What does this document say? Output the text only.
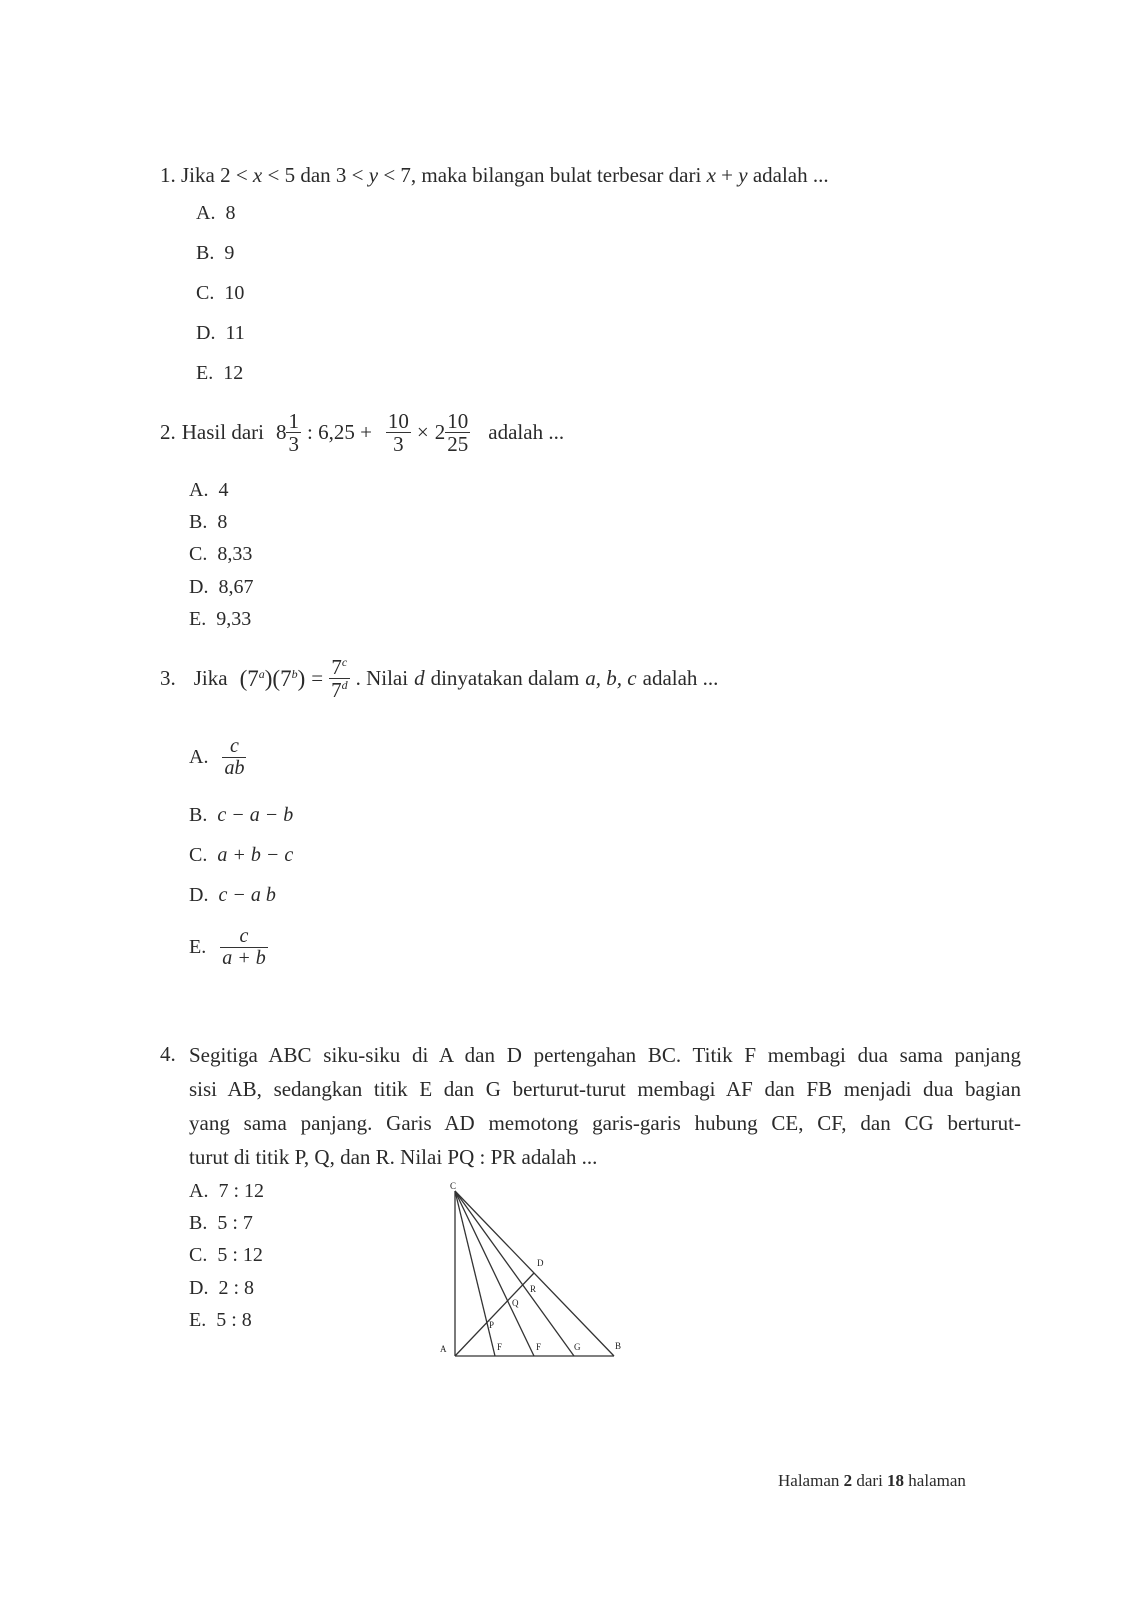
1. Jika 2 < x < 5 dan 3 < y < 7, maka bilangan bulat terbesar dari x + y adalah ...
A. 8
B. 9
C. 10
D. 11
E. 12
2. Hasil dari $8 \frac{1}{3}$ : $6,25 + \frac{10}{3} \times 2 \frac{10}{25}$ adalah ...
A. 4
B. 8
C. 8,33
D. 8,67
E. 9,33
3. Jika $(7^a)(7^b) = \frac{7^c}{7^d}$ . Nilai d dinyatakan dalam a, b, c adalah ...
A. $\frac{c}{ab}$
B. c − a − b
C. a + b − c
D. c − a b
E. $\frac{c}{a + b}$
4. Segitiga ABC siku-siku di A dan D pertengahan BC. Titik F membagi dua sama panjang
sisi AB, sedangkan titik E dan G berturut-turut membagi AF dan FB menjadi dua bagian
yang sama panjang. Garis AD memotong garis-garis hubung CE, CF, dan CG berturut-
turut di titik P, Q, dan R. Nilai PQ : PR adalah ...
A. 7 : 12
B. 5 : 7
C. 5 : 12
D. 2 : 8
E. 5 : 8
C
D
R
Q
P
A	F	F	G	B
Halaman 2 dari 18 halaman
